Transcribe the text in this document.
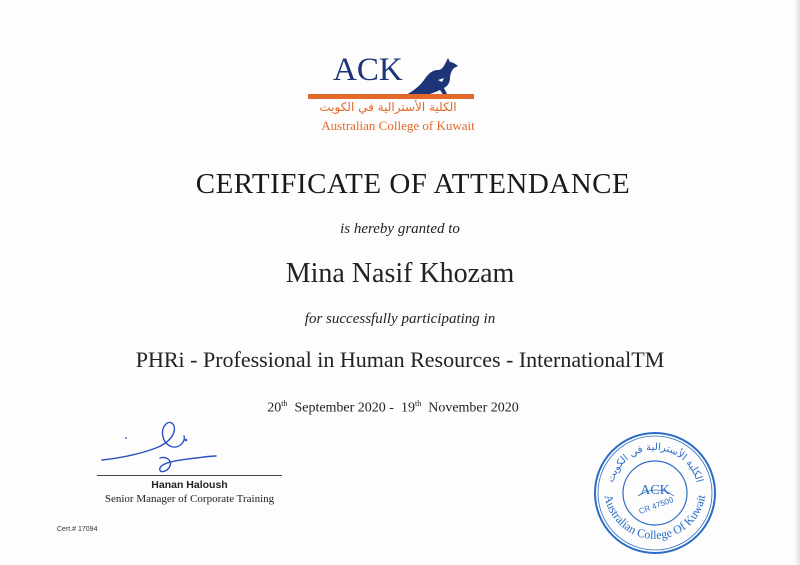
ACK
الكلية الأسترالية في الكويت
Australian College of Kuwait
CERTIFICATE OF ATTENDANCE
is hereby granted to
Mina Nasif Khozam
for successfully participating in
PHRi - Professional in Human Resources - InternationalTM
20th September 2020 - 19th November 2020
Hanan Haloush
Senior Manager of Corporate Training
Cert.# 17094
الكلية الأسترالية في الكويت
Australian College Of Kuwait
ACK
CR 47500
